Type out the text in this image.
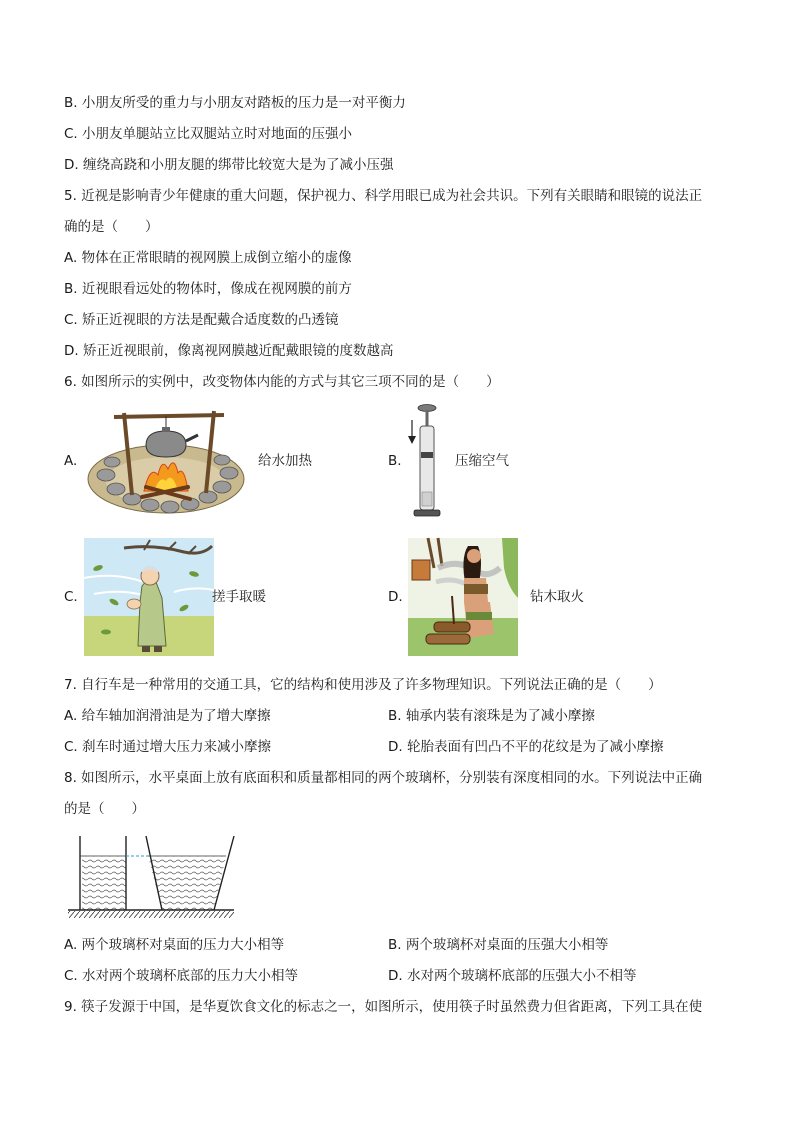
B. 小朋友所受的重力与小朋友对踏板的压力是一对平衡力
C. 小朋友单腿站立比双腿站立时对地面的压强小
D. 缠绕高跷和小朋友腿的绑带比较宽大是为了减小压强
5. 近视是影响青少年健康的重大问题，保护视力、科学用眼已成为社会共识。下列有关眼睛和眼镜的说法正
确的是（　　）
A. 物体在正常眼睛的视网膜上成倒立缩小的虚像
B. 近视眼看远处的物体时，像成在视网膜的前方
C. 矫正近视眼的方法是配戴合适度数的凸透镜
D. 矫正近视眼前，像离视网膜越近配戴眼镜的度数越高
6. 如图所示的实例中，改变物体内能的方式与其它三项不同的是（　　）
A.	给水加热	B.	压缩空气
C.	搓手取暖	D.	钻木取火
7. 自行车是一种常用的交通工具，它的结构和使用涉及了许多物理知识。下列说法正确的是（　　）
A. 给车轴加润滑油是为了增大摩擦	B. 轴承内装有滚珠是为了减小摩擦
C. 刹车时通过增大压力来减小摩擦	D. 轮胎表面有凹凸不平的花纹是为了减小摩擦
8. 如图所示，水平桌面上放有底面积和质量都相同的两个玻璃杯，分别装有深度相同的水。下列说法中正确
的是（　　）
A. 两个玻璃杯对桌面的压力大小相等	B. 两个玻璃杯对桌面的压强大小相等
C. 水对两个玻璃杯底部的压力大小相等	D. 水对两个玻璃杯底部的压强大小不相等
9. 筷子发源于中国，是华夏饮食文化的标志之一，如图所示，使用筷子时虽然费力但省距离，下列工具在使
